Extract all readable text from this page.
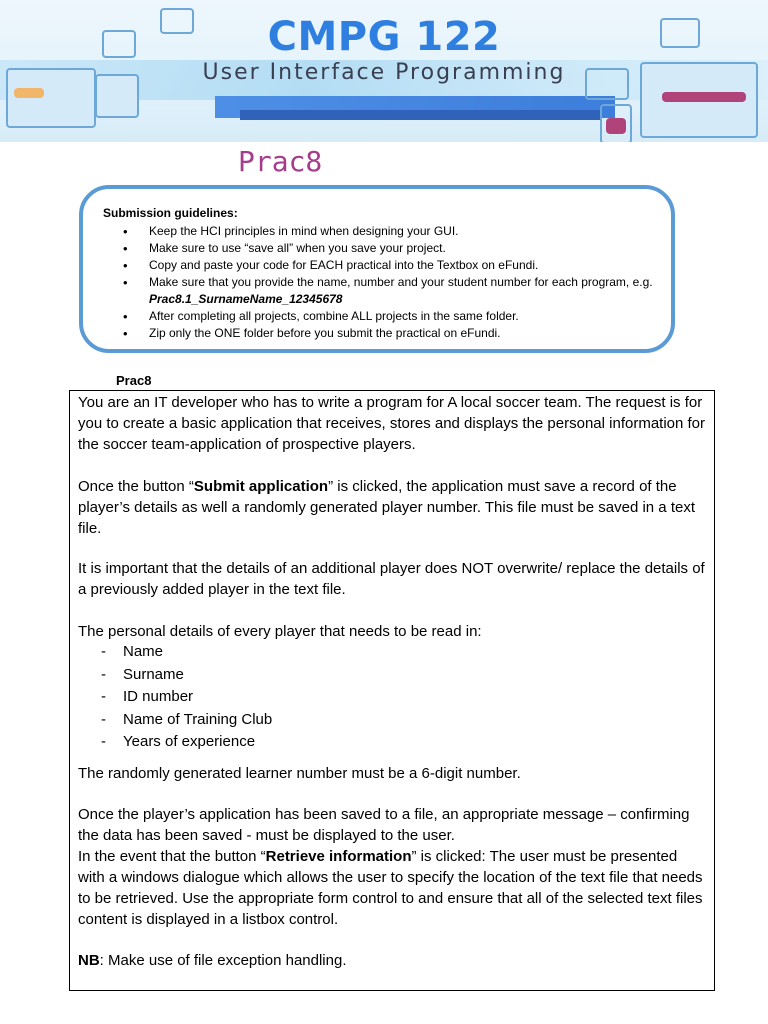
CMPG 122
User Interface Programming
Prac8
Submission guidelines:
• Keep the HCI principles in mind when designing your GUI.
• Make sure to use “save all” when you save your project.
• Copy and paste your code for EACH practical into the Textbox on eFundi.
• Make sure that you provide the name, number and your student number for each program, e.g. Prac8.1_SurnameName_12345678
• After completing all projects, combine ALL projects in the same folder.
• Zip only the ONE folder before you submit the practical on eFundi.
Prac8
You are an IT developer who has to write a program for A local soccer team. The request is for you to create a basic application that receives, stores and displays the personal information for the soccer team-application of prospective players.
Once the button “Submit application” is clicked, the application must save a record of the player’s details as well a randomly generated player number. This file must be saved in a text file.
It is important that the details of an additional player does NOT overwrite/ replace the details of a previously added player in the text file.
The personal details of every player that needs to be read in:
- Name
- Surname
- ID number
- Name of Training Club
- Years of experience
The randomly generated learner number must be a 6-digit number.
Once the player’s application has been saved to a file, an appropriate message – confirming the data has been saved - must be displayed to the user.
In the event that the button “Retrieve information” is clicked: The user must be presented with a windows dialogue which allows the user to specify the location of the text file that needs to be retrieved. Use the appropriate form control to and ensure that all of the selected text files content is displayed in a listbox control.
NB: Make use of file exception handling.
